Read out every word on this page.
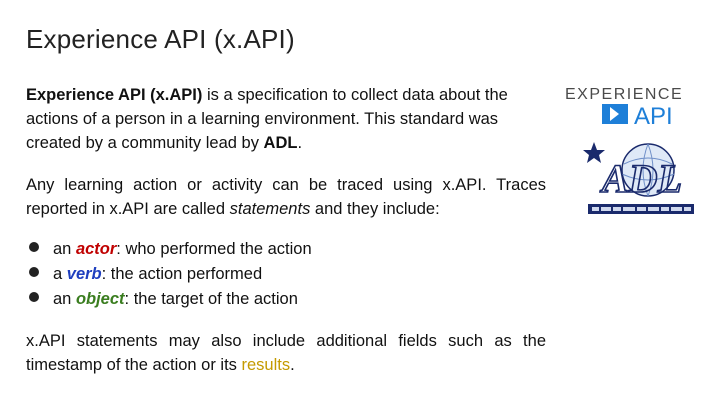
Experience API (x.API)
Experience API (x.API) is a specification to collect data about the actions of a person in a learning environment. This standard was created by a community lead by ADL.
Any learning action or activity can be traced using x.API. Traces reported in x.API are called statements and they include:
an actor: who performed the action
a verb: the action performed
an object: the target of the action
x.API statements may also include additional fields such as the timestamp of the action or its results.
EXPERIENCE
API
ADL
